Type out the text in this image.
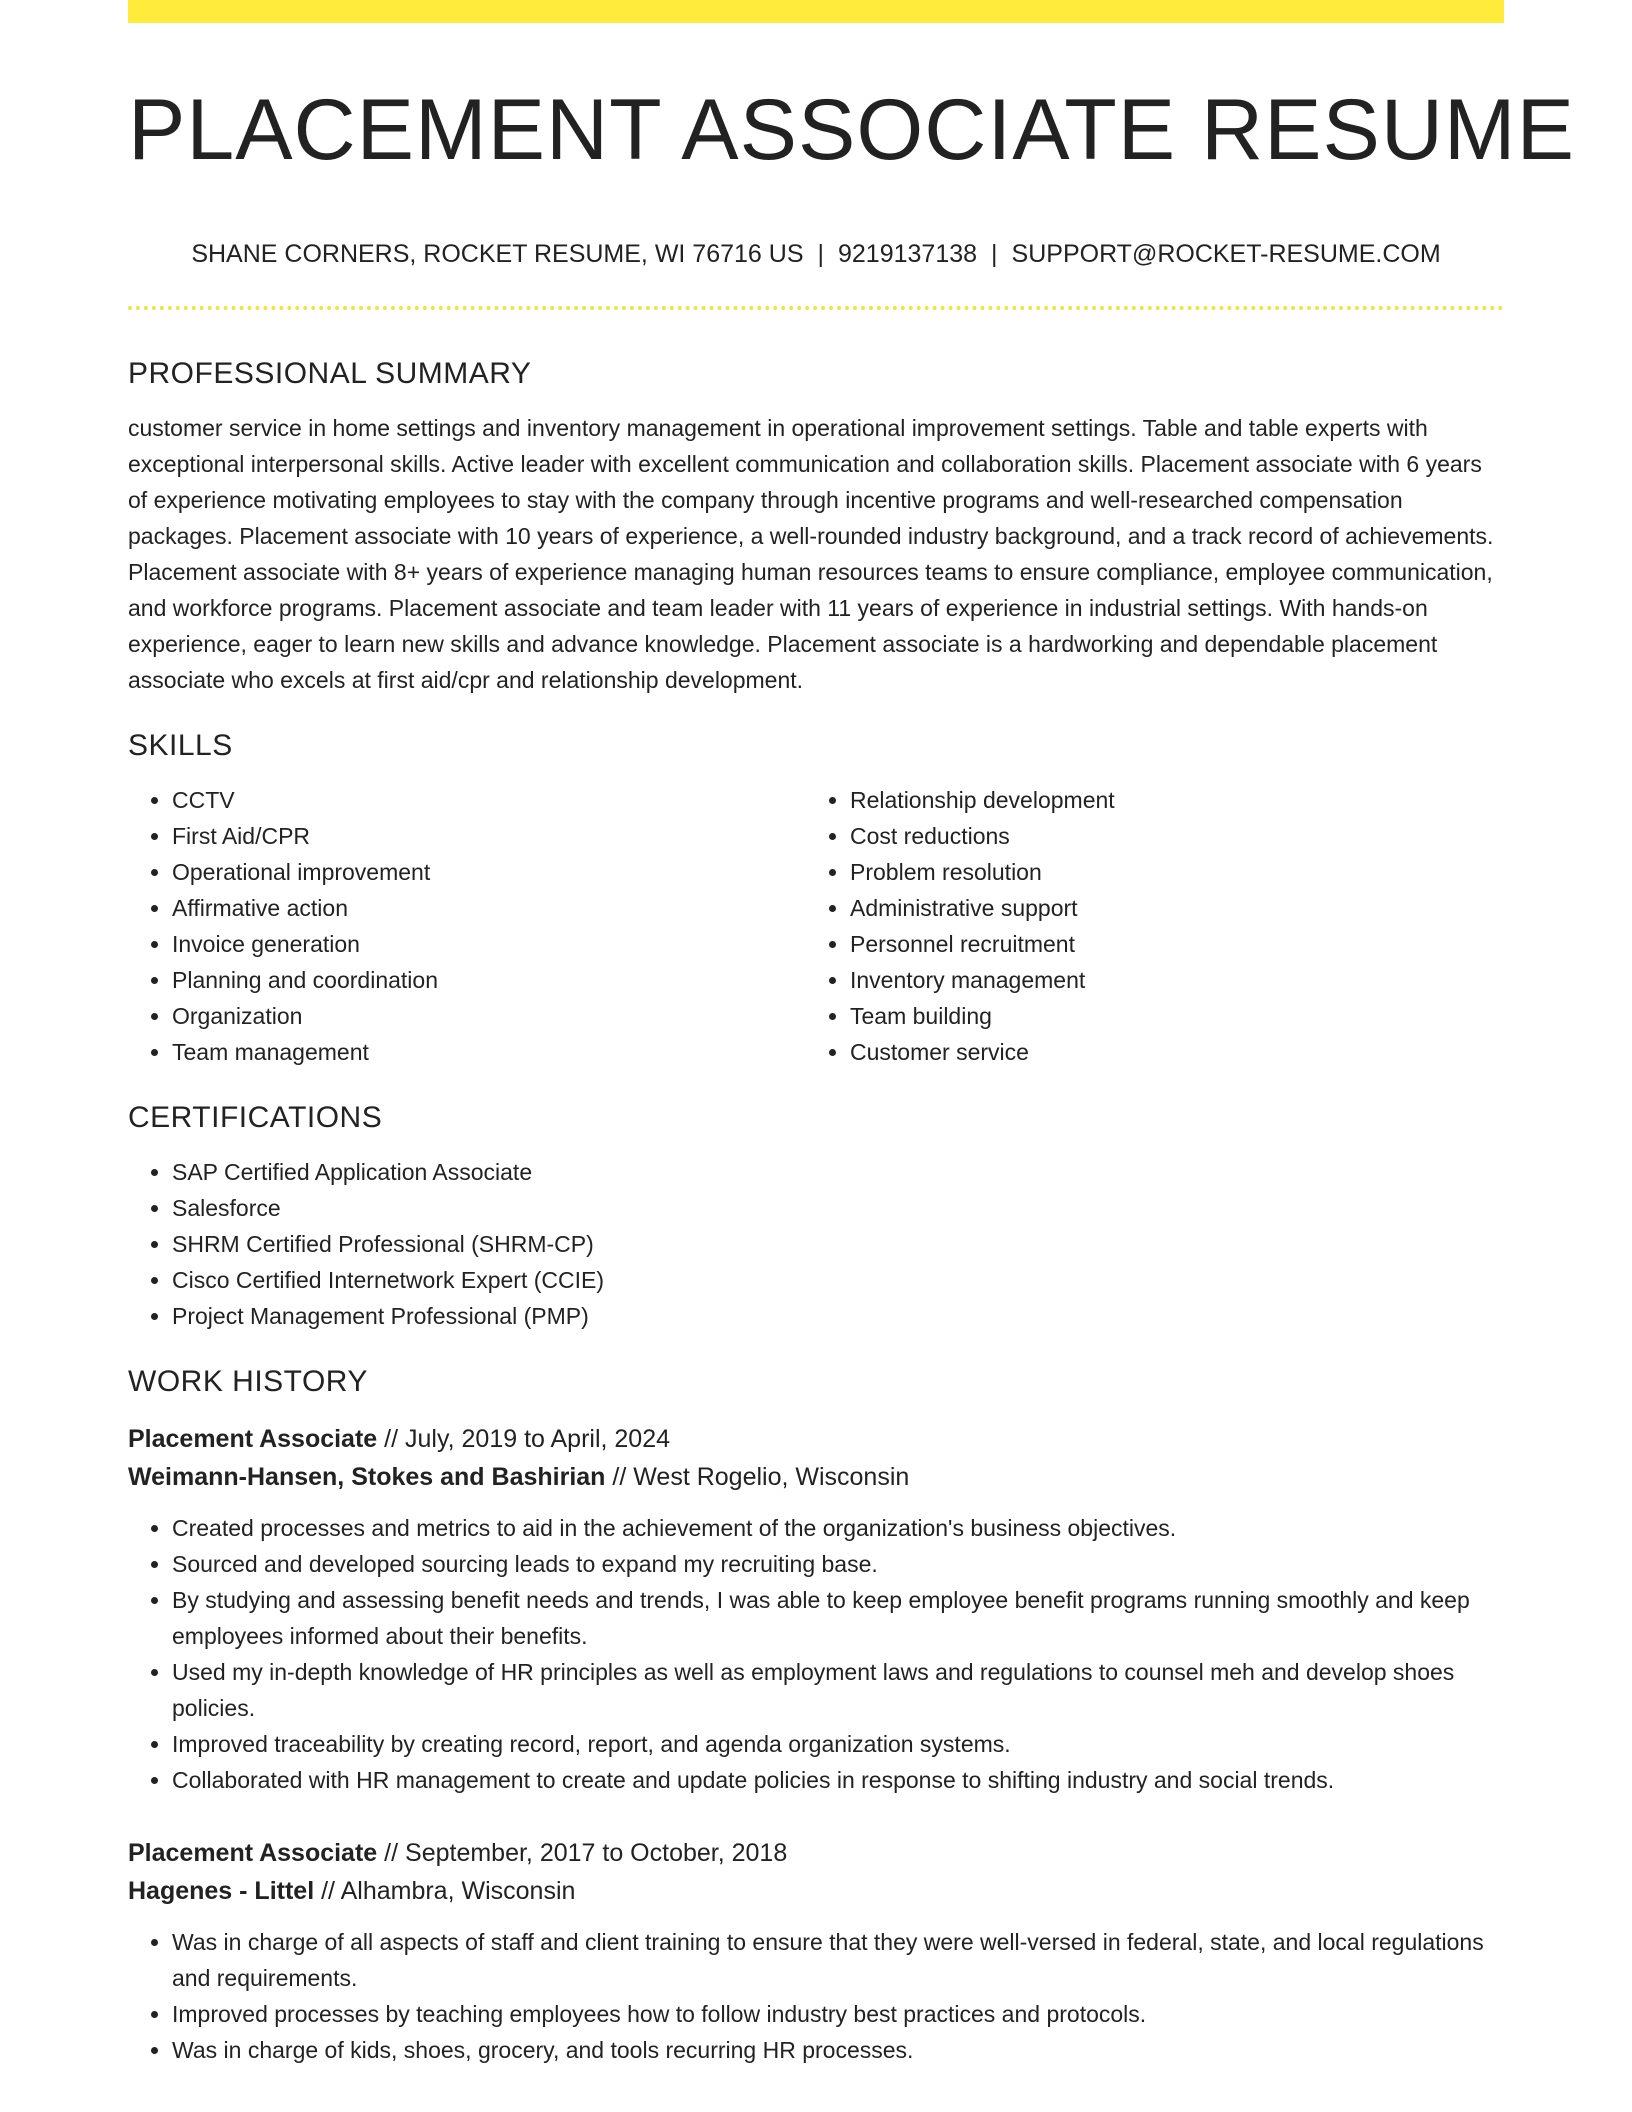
PLACEMENT ASSOCIATE RESUME
SHANE CORNERS, ROCKET RESUME, WI 76716 US | 9219137138 | SUPPORT@ROCKET-RESUME.COM
PROFESSIONAL SUMMARY

customer service in home settings and inventory management in operational improvement settings. Table and table experts with exceptional interpersonal skills. Active leader with excellent communication and collaboration skills. Placement associate with 6 years of experience motivating employees to stay with the company through incentive programs and well-researched compensation packages. Placement associate with 10 years of experience, a well-rounded industry background, and a track record of achievements. Placement associate with 8+ years of experience managing human resources teams to ensure compliance, employee communication, and workforce programs. Placement associate and team leader with 11 years of experience in industrial settings. With hands-on experience, eager to learn new skills and advance knowledge. Placement associate is a hardworking and dependable placement associate who excels at first aid/cpr and relationship development.

SKILLS
• CCTV
• First Aid/CPR
• Operational improvement
• Affirmative action
• Invoice generation
• Planning and coordination
• Organization
• Team management
• Relationship development
• Cost reductions
• Problem resolution
• Administrative support
• Personnel recruitment
• Inventory management
• Team building
• Customer service
CERTIFICATIONS
• SAP Certified Application Associate
• Salesforce
• SHRM Certified Professional (SHRM-CP)
• Cisco Certified Internetwork Expert (CCIE)
• Project Management Professional (PMP)
WORK HISTORY
Placement Associate // July, 2019 to April, 2024
Weimann-Hansen, Stokes and Bashirian // West Rogelio, Wisconsin
• Created processes and metrics to aid in the achievement of the organization's business objectives.
• Sourced and developed sourcing leads to expand my recruiting base.
• By studying and assessing benefit needs and trends, I was able to keep employee benefit programs running smoothly and keep employees informed about their benefits.
• Used my in-depth knowledge of HR principles as well as employment laws and regulations to counsel meh and develop shoes policies.
• Improved traceability by creating record, report, and agenda organization systems.
• Collaborated with HR management to create and update policies in response to shifting industry and social trends.
Placement Associate // September, 2017 to October, 2018
Hagenes - Littel // Alhambra, Wisconsin
• Was in charge of all aspects of staff and client training to ensure that they were well-versed in federal, state, and local regulations and requirements.
• Improved processes by teaching employees how to follow industry best practices and protocols.
• Was in charge of kids, shoes, grocery, and tools recurring HR processes.
